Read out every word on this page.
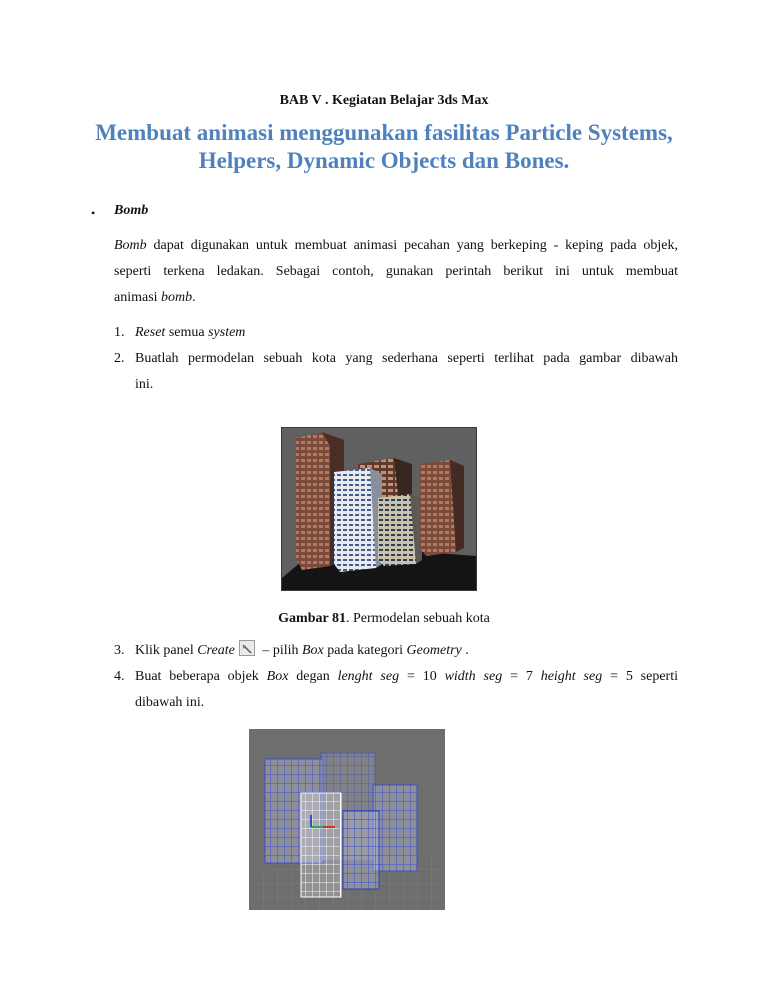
BAB V . Kegiatan Belajar 3ds Max
Membuat animasi menggunakan fasilitas Particle Systems,
Helpers, Dynamic Objects dan Bones.
• Bomb
Bomb dapat digunakan untuk membuat animasi pecahan yang berkeping - keping pada objek,
seperti terkena ledakan. Sebagai contoh, gunakan perintah berikut ini untuk membuat
animasi bomb.
1. Reset semua system
2. Buatlah permodelan sebuah kota yang sederhana seperti terlihat pada gambar dibawah
ini.
Gambar 81. Permodelan sebuah kota
3. Klik panel Create – pilih Box pada kategori Geometry .
4. Buat beberapa objek Box degan lenght seg = 10 width seg = 7 height seg = 5 seperti
dibawah ini.
